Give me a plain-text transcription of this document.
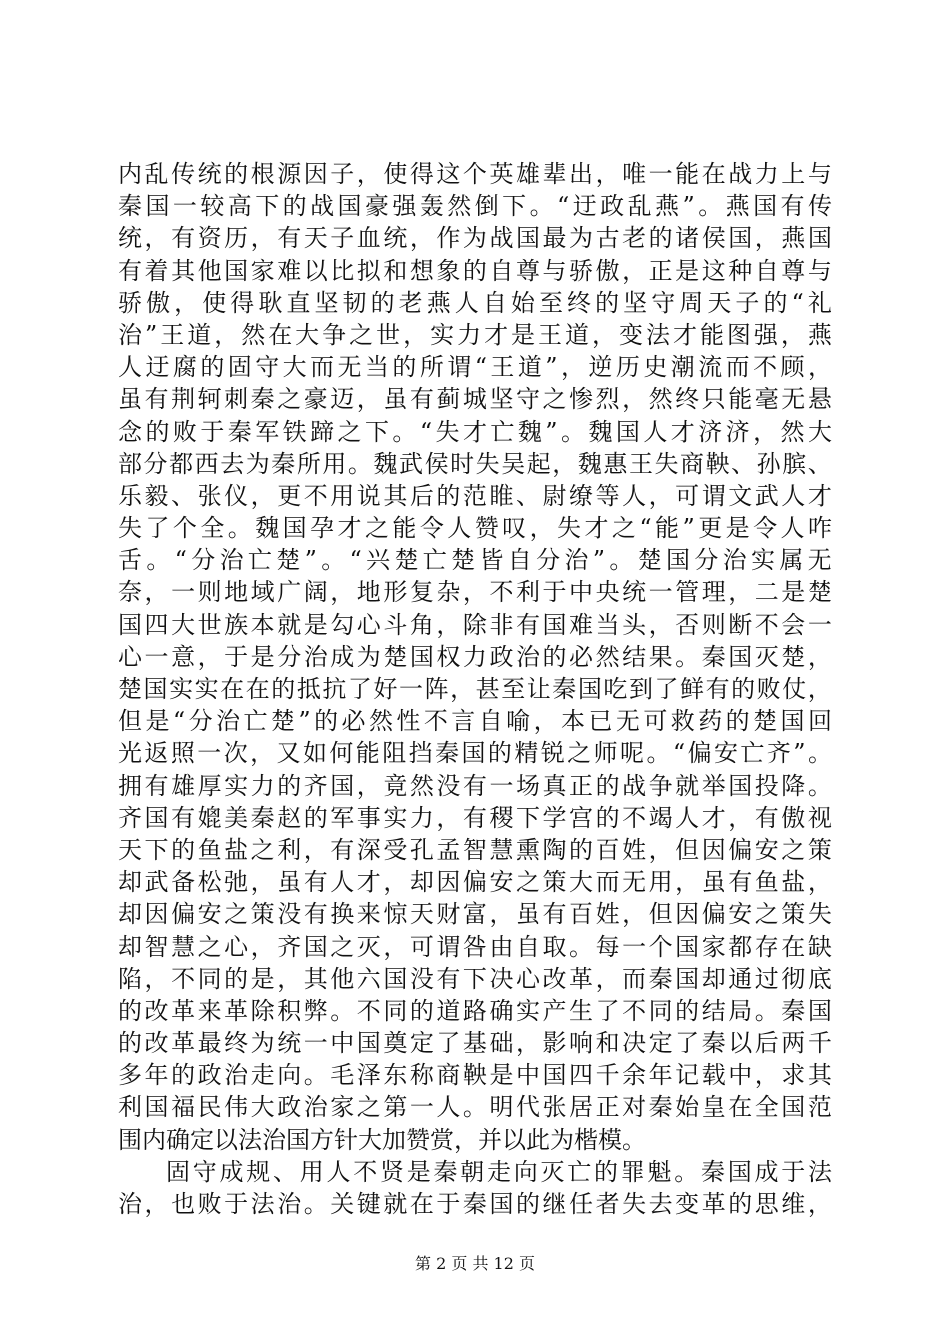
内 乱 传 统 的 根 源 因 子 ， 使 得 这 个 英 雄 辈 出 ， 唯 一 能 在 战 力 上 与
秦 国 一 较 高 下 的 战 国 豪 强 轰 然 倒 下 。 “ 迂 政 乱 燕 ” 。 燕 国 有 传
统 ， 有 资 历 ， 有 天 子 血 统 ， 作 为 战 国 最 为 古 老 的 诸 侯 国 ， 燕 国
有 着 其 他 国 家 难 以 比 拟 和 想 象 的 自 尊 与 骄 傲 ， 正 是 这 种 自 尊 与
骄 傲 ， 使 得 耿 直 坚 韧 的 老 燕 人 自 始 至 终 的 坚 守 周 天 子 的 “ 礼
治 ” 王 道 ， 然 在 大 争 之 世 ， 实 力 才 是 王 道 ， 变 法 才 能 图 强 ， 燕
人 迂 腐 的 固 守 大 而 无 当 的 所 谓 “ 王 道 ” ， 逆 历 史 潮 流 而 不 顾 ，
虽 有 荆 轲 刺 秦 之 豪 迈 ， 虽 有 蓟 城 坚 守 之 惨 烈 ， 然 终 只 能 毫 无 悬
念 的 败 于 秦 军 铁 蹄 之 下 。 “ 失 才 亡 魏 ” 。 魏 国 人 才 济 济 ， 然 大
部 分 都 西 去 为 秦 所 用 。 魏 武 侯 时 失 吴 起 ， 魏 惠 王 失 商 鞅 、 孙 膑 、
乐 毅 、 张 仪 ， 更 不 用 说 其 后 的 范 睢 、 尉 缭 等 人 ， 可 谓 文 武 人 才
失 了 个 全 。 魏 国 孕 才 之 能 令 人 赞 叹 ， 失 才 之 “ 能 ” 更 是 令 人 咋
舌 。 “ 分 治 亡 楚 ” 。 “ 兴 楚 亡 楚 皆 自 分 治 ” 。 楚 国 分 治 实 属 无
奈 ， 一 则 地 域 广 阔 ， 地 形 复 杂 ， 不 利 于 中 央 统 一 管 理 ， 二 是 楚
国 四 大 世 族 本 就 是 勾 心 斗 角 ， 除 非 有 国 难 当 头 ， 否 则 断 不 会 一
心 一 意 ， 于 是 分 治 成 为 楚 国 权 力 政 治 的 必 然 结 果 。 秦 国 灭 楚 ，
楚 国 实 实 在 在 的 抵 抗 了 好 一 阵 ， 甚 至 让 秦 国 吃 到 了 鲜 有 的 败 仗 ，
但 是 “ 分 治 亡 楚 ” 的 必 然 性 不 言 自 喻 ， 本 已 无 可 救 药 的 楚 国 回
光 返 照 一 次 ， 又 如 何 能 阻 挡 秦 国 的 精 锐 之 师 呢 。 “ 偏 安 亡 齐 ” 。
拥 有 雄 厚 实 力 的 齐 国 ， 竟 然 没 有 一 场 真 正 的 战 争 就 举 国 投 降 。
齐 国 有 媲 美 秦 赵 的 军 事 实 力 ， 有 稷 下 学 宫 的 不 竭 人 才 ， 有 傲 视
天 下 的 鱼 盐 之 利 ， 有 深 受 孔 孟 智 慧 熏 陶 的 百 姓 ， 但 因 偏 安 之 策
却 武 备 松 弛 ， 虽 有 人 才 ， 却 因 偏 安 之 策 大 而 无 用 ， 虽 有 鱼 盐 ，
却 因 偏 安 之 策 没 有 换 来 惊 天 财 富 ， 虽 有 百 姓 ， 但 因 偏 安 之 策 失
却 智 慧 之 心 ， 齐 国 之 灭 ， 可 谓 咎 由 自 取 。 每 一 个 国 家 都 存 在 缺
陷 ， 不 同 的 是 ， 其 他 六 国 没 有 下 决 心 改 革 ， 而 秦 国 却 通 过 彻 底
的 改 革 来 革 除 积 弊 。 不 同 的 道 路 确 实 产 生 了 不 同 的 结 局 。 秦 国
的 改 革 最 终 为 统 一 中 国 奠 定 了 基 础 ， 影 响 和 决 定 了 秦 以 后 两 千
多 年 的 政 治 走 向 。 毛 泽 东 称 商 鞅 是 中 国 四 千 余 年 记 载 中 ， 求 其
利 国 福 民 伟 大 政 治 家 之 第 一 人 。 明 代 张 居 正 对 秦 始 皇 在 全 国 范
围 内 确 定 以 法 治 国 方 针 大 加 赞 赏 ， 并 以 此 为 楷 模 。
固 守 成 规 、 用 人 不 贤 是 秦 朝 走 向 灭 亡 的 罪 魁 。 秦 国 成 于 法
治 ， 也 败 于 法 治 。 关 键 就 在 于 秦 国 的 继 任 者 失 去 变 革 的 思 维 ，
第 2 页 共 12 页
